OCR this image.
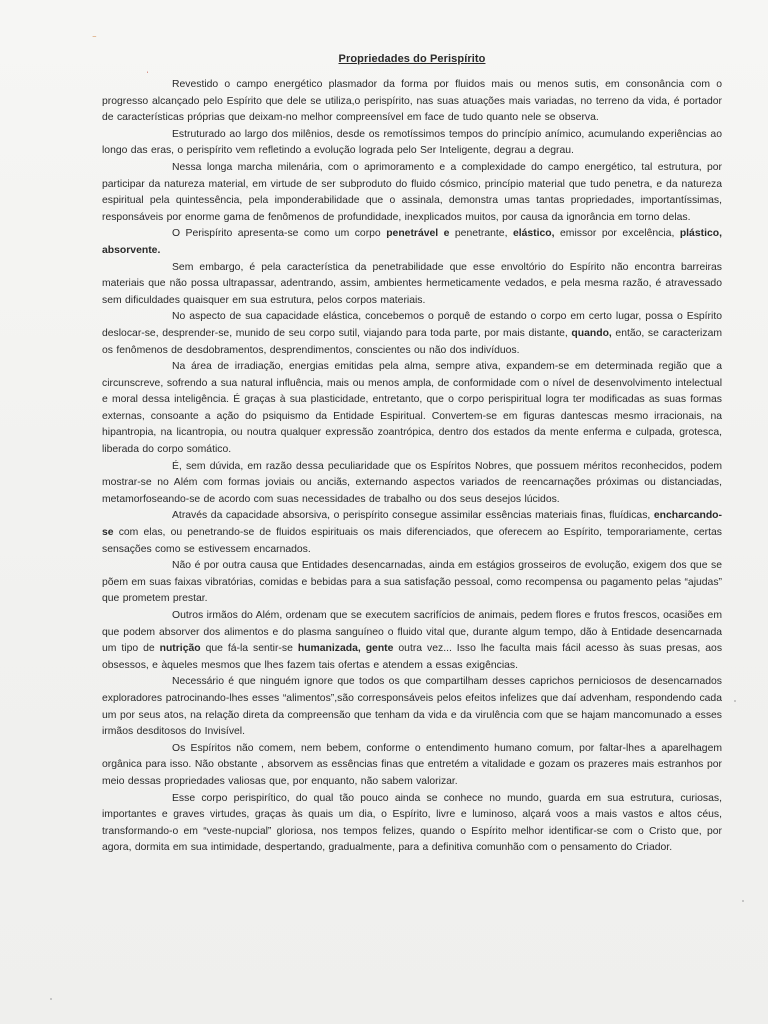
⁻
ˈ
Propriedades do Perispírito

Revestido o campo energético plasmador da forma por fluidos mais ou menos sutis, em consonância com o progresso alcançado pelo Espírito que dele se utiliza,o perispírito, nas suas atuações mais variadas, no terreno da vida, é portador de características próprias que deixam-no melhor compreensível em face de tudo quanto nele se observa.

Estruturado ao largo dos milênios, desde os remotíssimos tempos do princípio anímico, acumulando experiências ao longo das eras, o perispírito vem refletindo a evolução lograda pelo Ser Inteligente, degrau a degrau.

Nessa longa marcha milenária, com o aprimoramento e a complexidade do campo energético, tal estrutura, por participar da natureza material, em virtude de ser subproduto do fluido cósmico, princípio material que tudo penetra, e da natureza espiritual pela quintessência, pela imponderabilidade que o assinala, demonstra umas tantas propriedades, importantíssimas, responsáveis por enorme gama de fenômenos de profundidade, inexplicados muitos, por causa da ignorância em torno delas.

O Perispírito apresenta-se como um corpo penetrável e penetrante, elástico, emissor por excelência, plástico, absorvente.

Sem embargo, é pela característica da penetrabilidade que esse envoltório do Espírito não encontra barreiras materiais que não possa ultrapassar, adentrando, assim, ambientes hermeticamente vedados, e pela mesma razão, é atravessado sem dificuldades quaisquer em sua estrutura, pelos corpos materiais.

No aspecto de sua capacidade elástica, concebemos o porquê de estando o corpo em certo lugar, possa o Espírito deslocar-se, desprender-se, munido de seu corpo sutil, viajando para toda parte, por mais distante, quando, então, se caracterizam os fenômenos de desdobramentos, desprendimentos, conscientes ou não dos indivíduos.

Na área de irradiação, energias emitidas pela alma, sempre ativa, expandem-se em determinada região que a circunscreve, sofrendo a sua natural influência, mais ou menos ampla, de conformidade com o nível de desenvolvimento intelectual e moral dessa inteligência. É graças à sua plasticidade, entretanto, que o corpo perispiritual logra ter modificadas as suas formas externas, consoante a ação do psiquismo da Entidade Espiritual. Convertem-se em figuras dantescas mesmo irracionais, na hipantropia, na licantropia, ou noutra qualquer expressão zoantrópica, dentro dos estados da mente enferma e culpada, grotesca, liberada do corpo somático.

É, sem dúvida, em razão dessa peculiaridade que os Espíritos Nobres, que possuem méritos reconhecidos, podem mostrar-se no Além com formas joviais ou anciãs, externando aspectos variados de reencarnações próximas ou distanciadas, metamorfoseando-se de acordo com suas necessidades de trabalho ou dos seus desejos lúcidos.

Através da capacidade absorsiva, o perispírito consegue assimilar essências materiais finas, fluídicas, encharcando-se com elas, ou penetrando-se de fluidos espirituais os mais diferenciados, que oferecem ao Espírito, temporariamente, certas sensações como se estivessem encarnados.

Não é por outra causa que Entidades desencarnadas, ainda em estágios grosseiros de evolução, exigem dos que se põem em suas faixas vibratórias, comidas e bebidas para a sua satisfação pessoal, como recompensa ou pagamento pelas “ajudas” que prometem prestar.

Outros irmãos do Além, ordenam que se executem sacrifícios de animais, pedem flores e frutos frescos, ocasiões em que podem absorver dos alimentos e do plasma sanguíneo o fluido vital que, durante algum tempo, dão à Entidade desencarnada um tipo de nutrição que fá-la sentir-se humanizada, gente outra vez... Isso lhe faculta mais fácil acesso às suas presas, aos obsessos, e àqueles mesmos que lhes fazem tais ofertas e atendem a essas exigências.

Necessário é que ninguém ignore que todos os que compartilham desses caprichos perniciosos de desencarnados exploradores patrocinando-lhes esses “alimentos”,são corresponsáveis pelos efeitos infelizes que daí advenham, respondendo cada um por seus atos, na relação direta da compreensão que tenham da vida e da virulência com que se hajam mancomunado a esses irmãos desditosos do Invisível.

Os Espíritos não comem, nem bebem, conforme o entendimento humano comum, por faltar-lhes a aparelhagem orgânica para isso. Não obstante , absorvem as essências finas que entretém a vitalidade e gozam os prazeres mais estranhos por meio dessas propriedades valiosas que, por enquanto, não sabem valorizar.

Esse corpo perispirítico, do qual tão pouco ainda se conhece no mundo, guarda em sua estrutura, curiosas, importantes e graves virtudes, graças às quais um dia, o Espírito, livre e luminoso, alçará voos a mais vastos e altos céus, transformando-o em “veste-nupcial” gloriosa, nos tempos felizes, quando o Espírito melhor identificar-se com o Cristo que, por agora, dormita em sua intimidade, despertando, gradualmente, para a definitiva comunhão com o pensamento do Criador.
